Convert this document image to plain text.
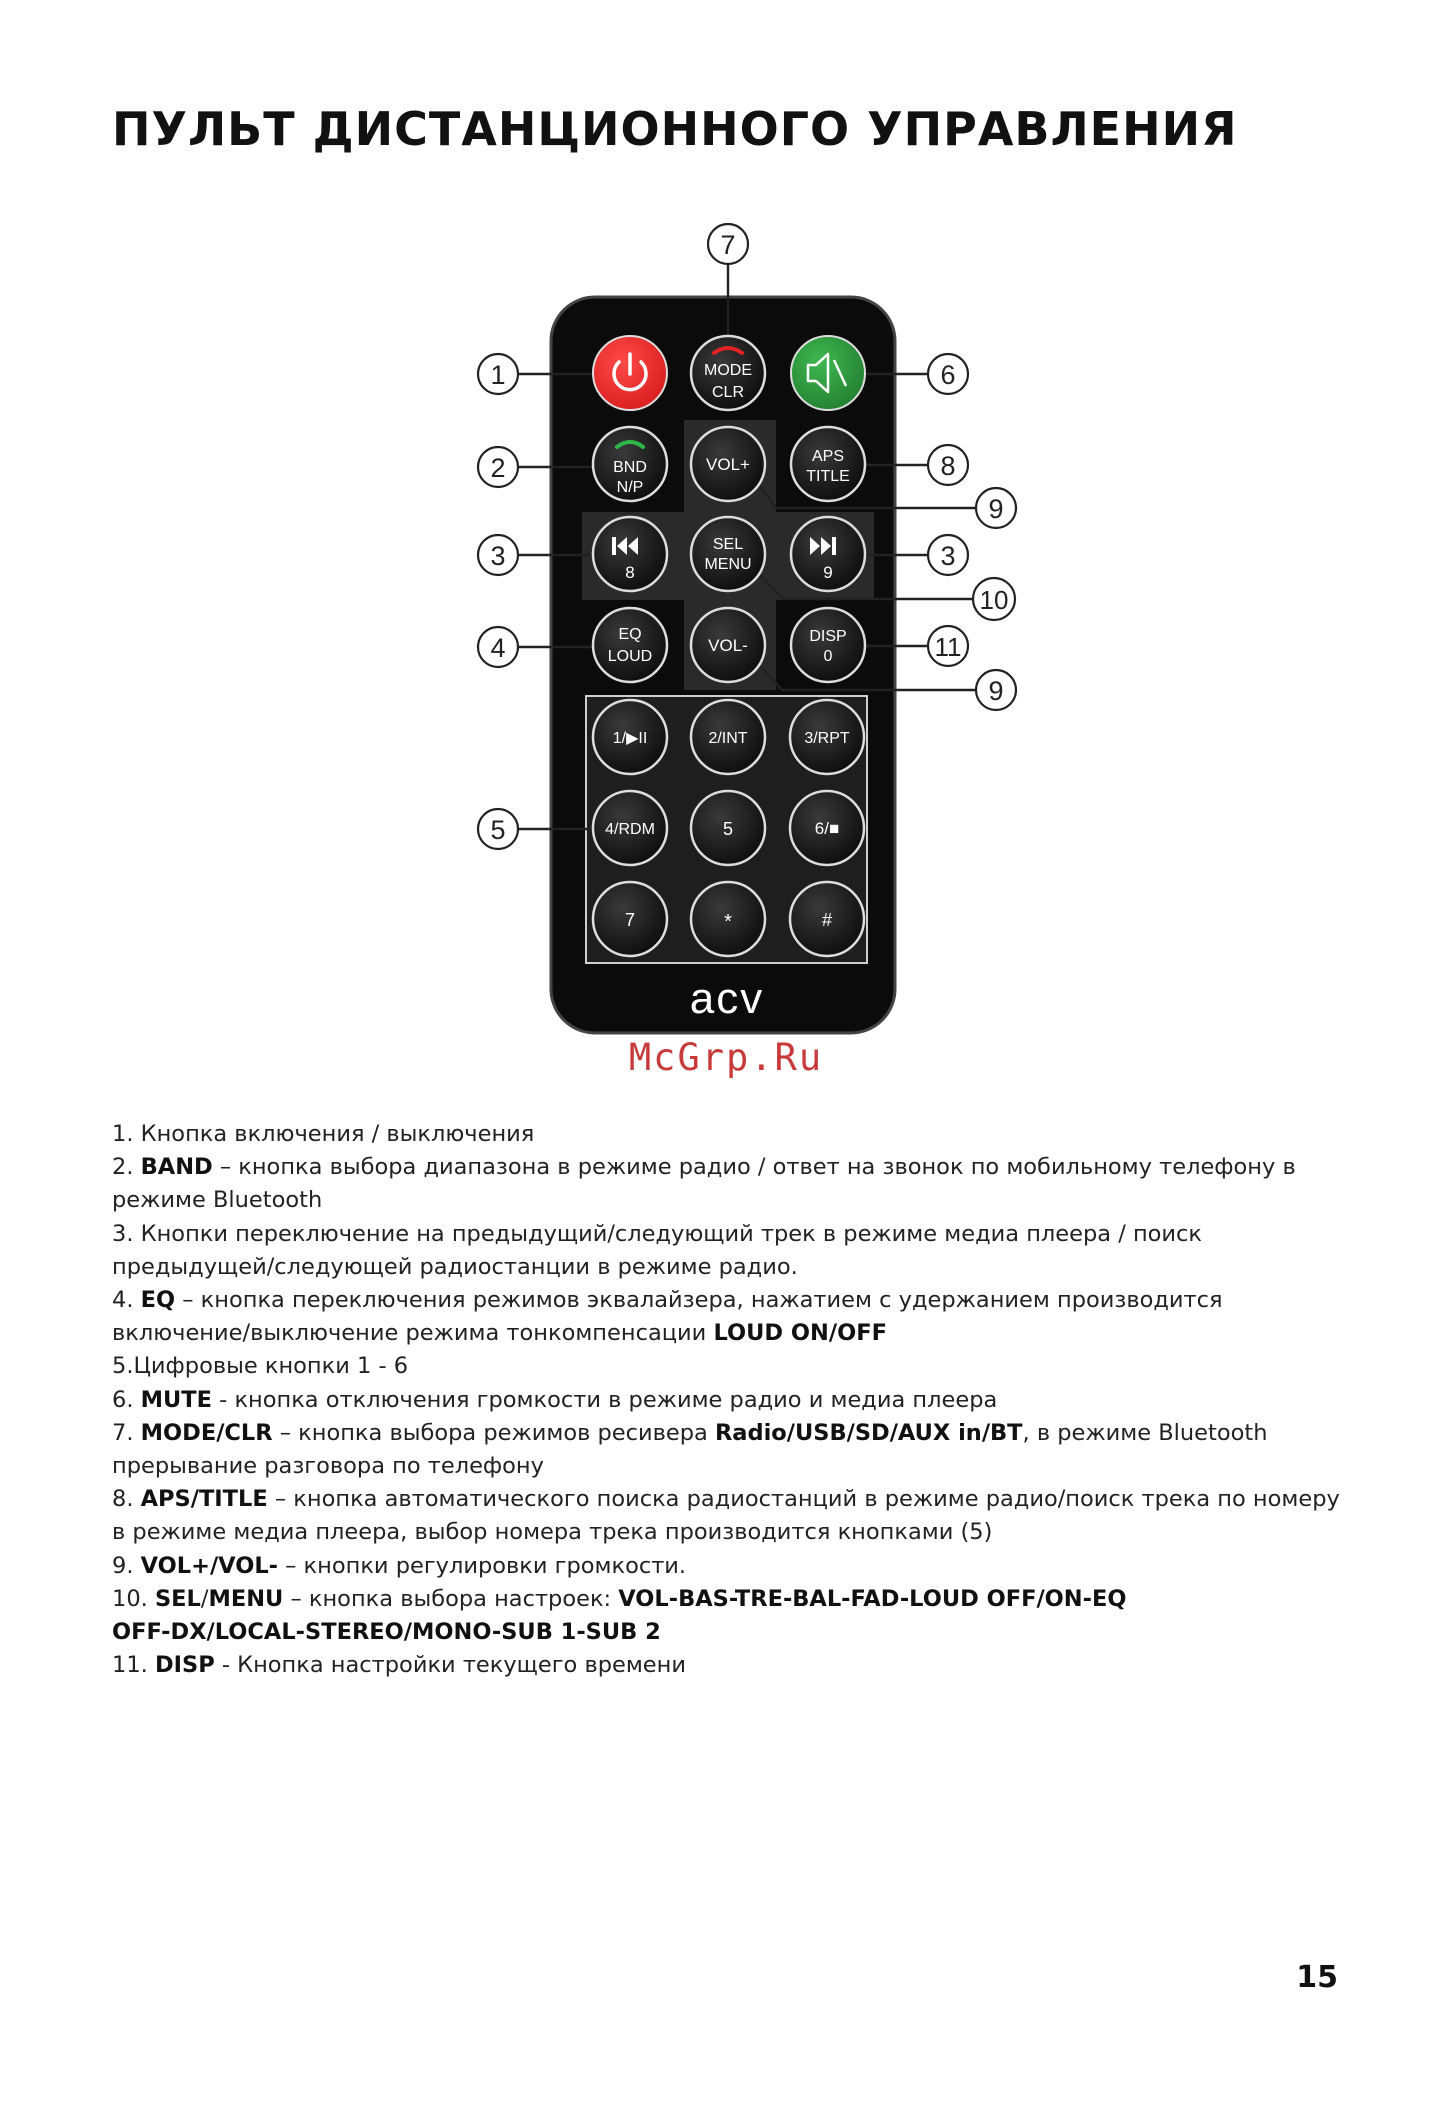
ПУЛЬТ ДИСТАНЦИОННОГО УПРАВЛЕНИЯ
MODE
CLR
BND
N/P
VOL+	APS
TITLE
8
SEL
MENU	9
EQ
LOUD
VOL-	DISP
0
1/▶II	2/INT	3/RPT
4/RDM	5	6/■
7	*	#
acv
7
1	6
2	8
9
3	3
10
4	11
9
5
McGrp.Ru

1. Кнопка включения / выключения

2. BAND – кнопка выбора диапазона в режиме радио / ответ на звонок по мобильному телефону в режиме Bluetooth

3. Кнопки переключение на предыдущий/следующий трек в режиме медиа плеера / поиск предыдущей/следующей радиостанции в режиме радио.

4. EQ – кнопка переключения режимов эквалайзера, нажатием с удержанием производится включение/выключение режима тонкомпенсации LOUD ON/OFF

5.Цифровые кнопки 1 - 6

6. MUTE - кнопка отключения громкости в режиме радио и медиа плеера

7. MODE/CLR – кнопка выбора режимов ресивера Radio/USB/SD/AUX in/BT, в режиме Bluetooth прерывание разговора по телефону

8. APS/TITLE – кнопка автоматического поиска радиостанций в режиме радио/поиск трека по номеру в режиме медиа плеера, выбор номера трека производится кнопками (5)

9. VOL+/VOL- – кнопки регулировки громкости.

10. SEL/MENU – кнопка выбора настроек: VOL-BAS-TRE-BAL-FAD-LOUD OFF/ON-EQ
OFF-DX/LOCAL-STEREO/MONO-SUB 1-SUB 2

11. DISP - Кнопка настройки текущего времени

15
